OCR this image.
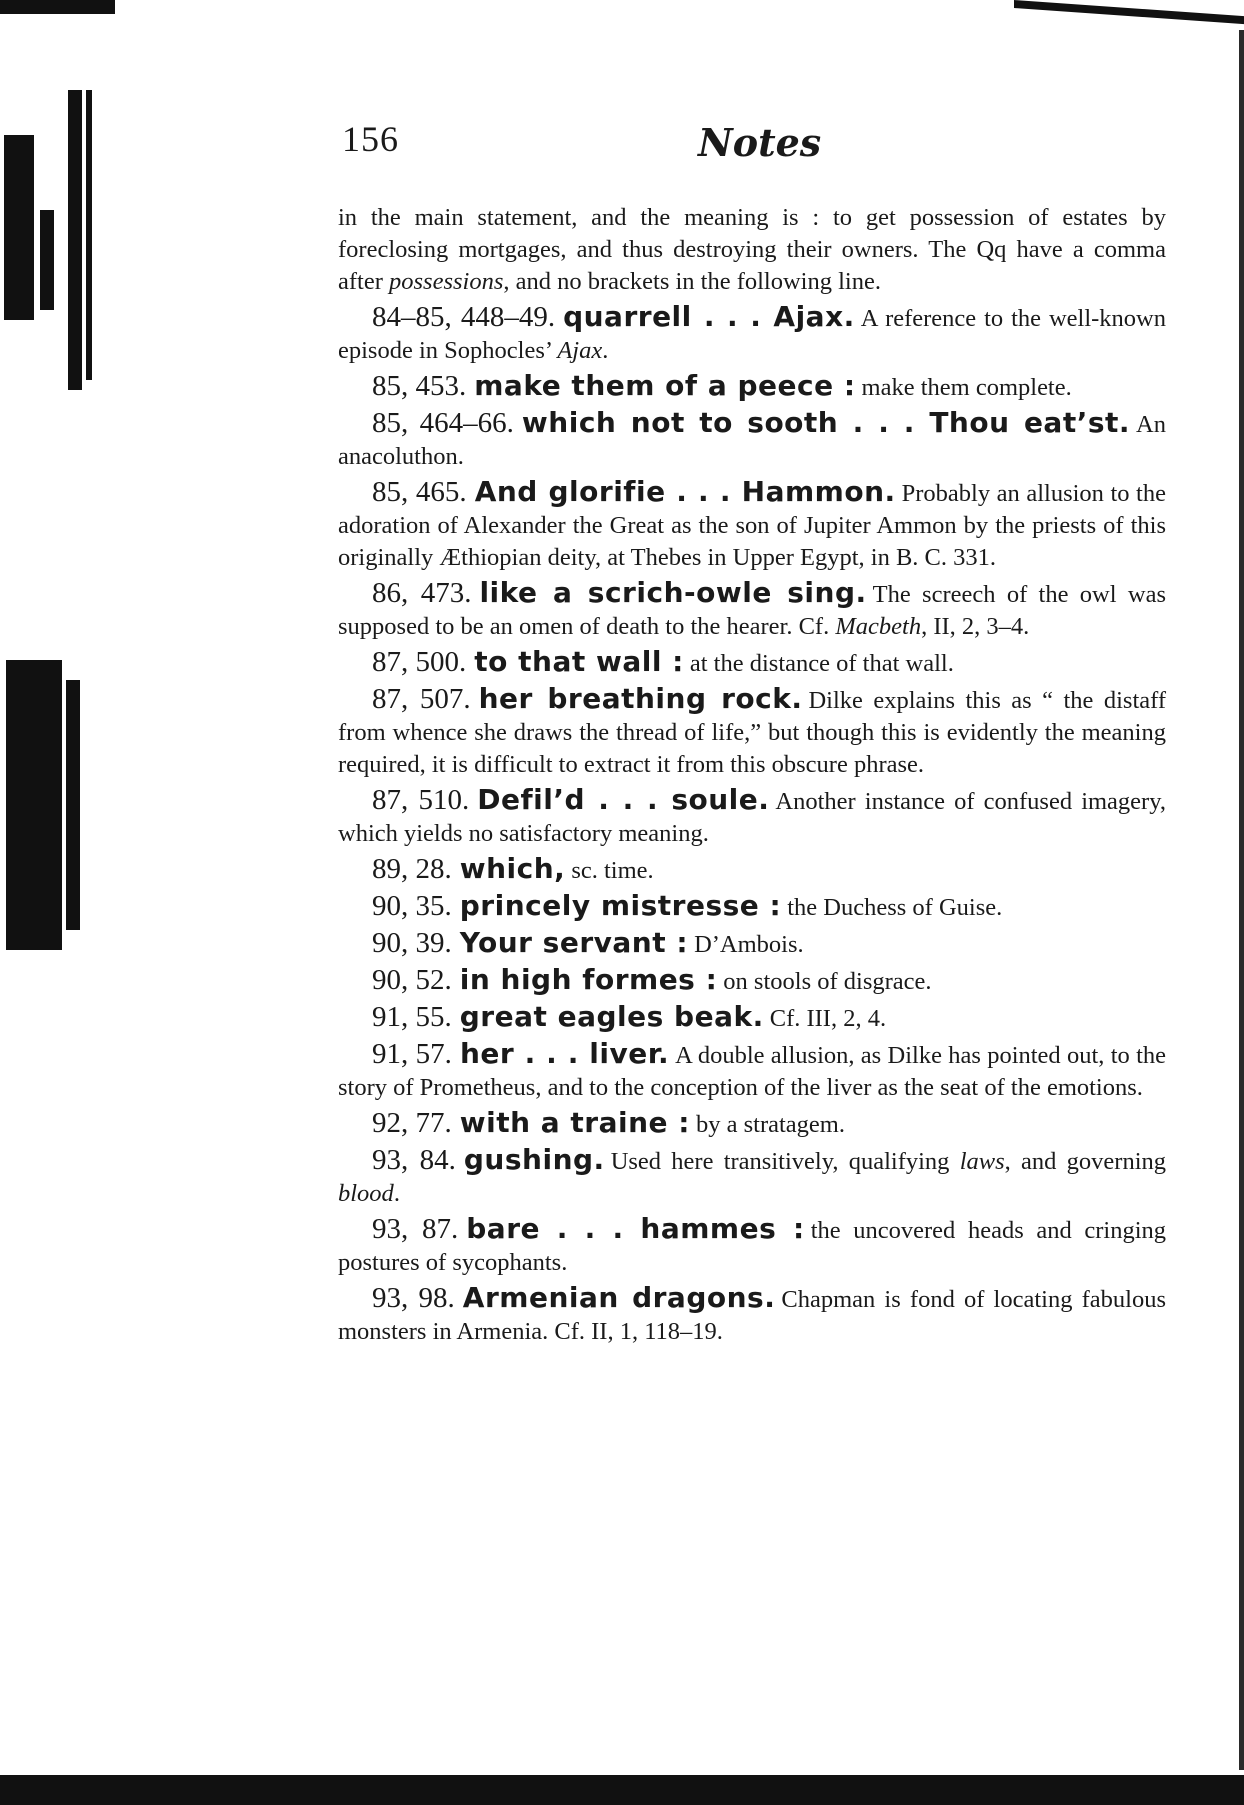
156	Notes

in the main statement, and the meaning is : to get possession of estates by foreclosing mortgages, and thus destroying their owners. The Qq have a comma after possessions, and no brackets in the following line.

84–85, 448–49. quarrell . . . Ajax. A reference to the well-known episode in Sophocles’ Ajax.

85, 453. make them of a peece : make them complete.

85, 464–66. which not to sooth . . . Thou eat’st. An anacoluthon.

85, 465. And glorifie . . . Hammon. Probably an allusion to the adoration of Alexander the Great as the son of Jupiter Ammon by the priests of this originally Æthiopian deity, at Thebes in Upper Egypt, in B. C. 331.

86, 473. like a scrich-owle sing. The screech of the owl was supposed to be an omen of death to the hearer. Cf. Macbeth, II, 2, 3–4.

87, 500. to that wall : at the distance of that wall.

87, 507. her breathing rock. Dilke explains this as “ the distaff from whence she draws the thread of life,” but though this is evidently the meaning required, it is difficult to extract it from this obscure phrase.

87, 510. Defil’d . . . soule. Another instance of confused imagery, which yields no satisfactory meaning.

89, 28. which, sc. time.

90, 35. princely mistresse : the Duchess of Guise.

90, 39. Your servant : D’Ambois.

90, 52. in high formes : on stools of disgrace.

91, 55. great eagles beak. Cf. III, 2, 4.

91, 57. her . . . liver. A double allusion, as Dilke has pointed out, to the story of Prometheus, and to the conception of the liver as the seat of the emotions.

92, 77. with a traine : by a stratagem.

93, 84. gushing. Used here transitively, qualifying laws, and governing blood.

93, 87. bare . . . hammes : the uncovered heads and cringing postures of sycophants.

93, 98. Armenian dragons. Chapman is fond of locating fabulous monsters in Armenia. Cf. II, 1, 118–19.
